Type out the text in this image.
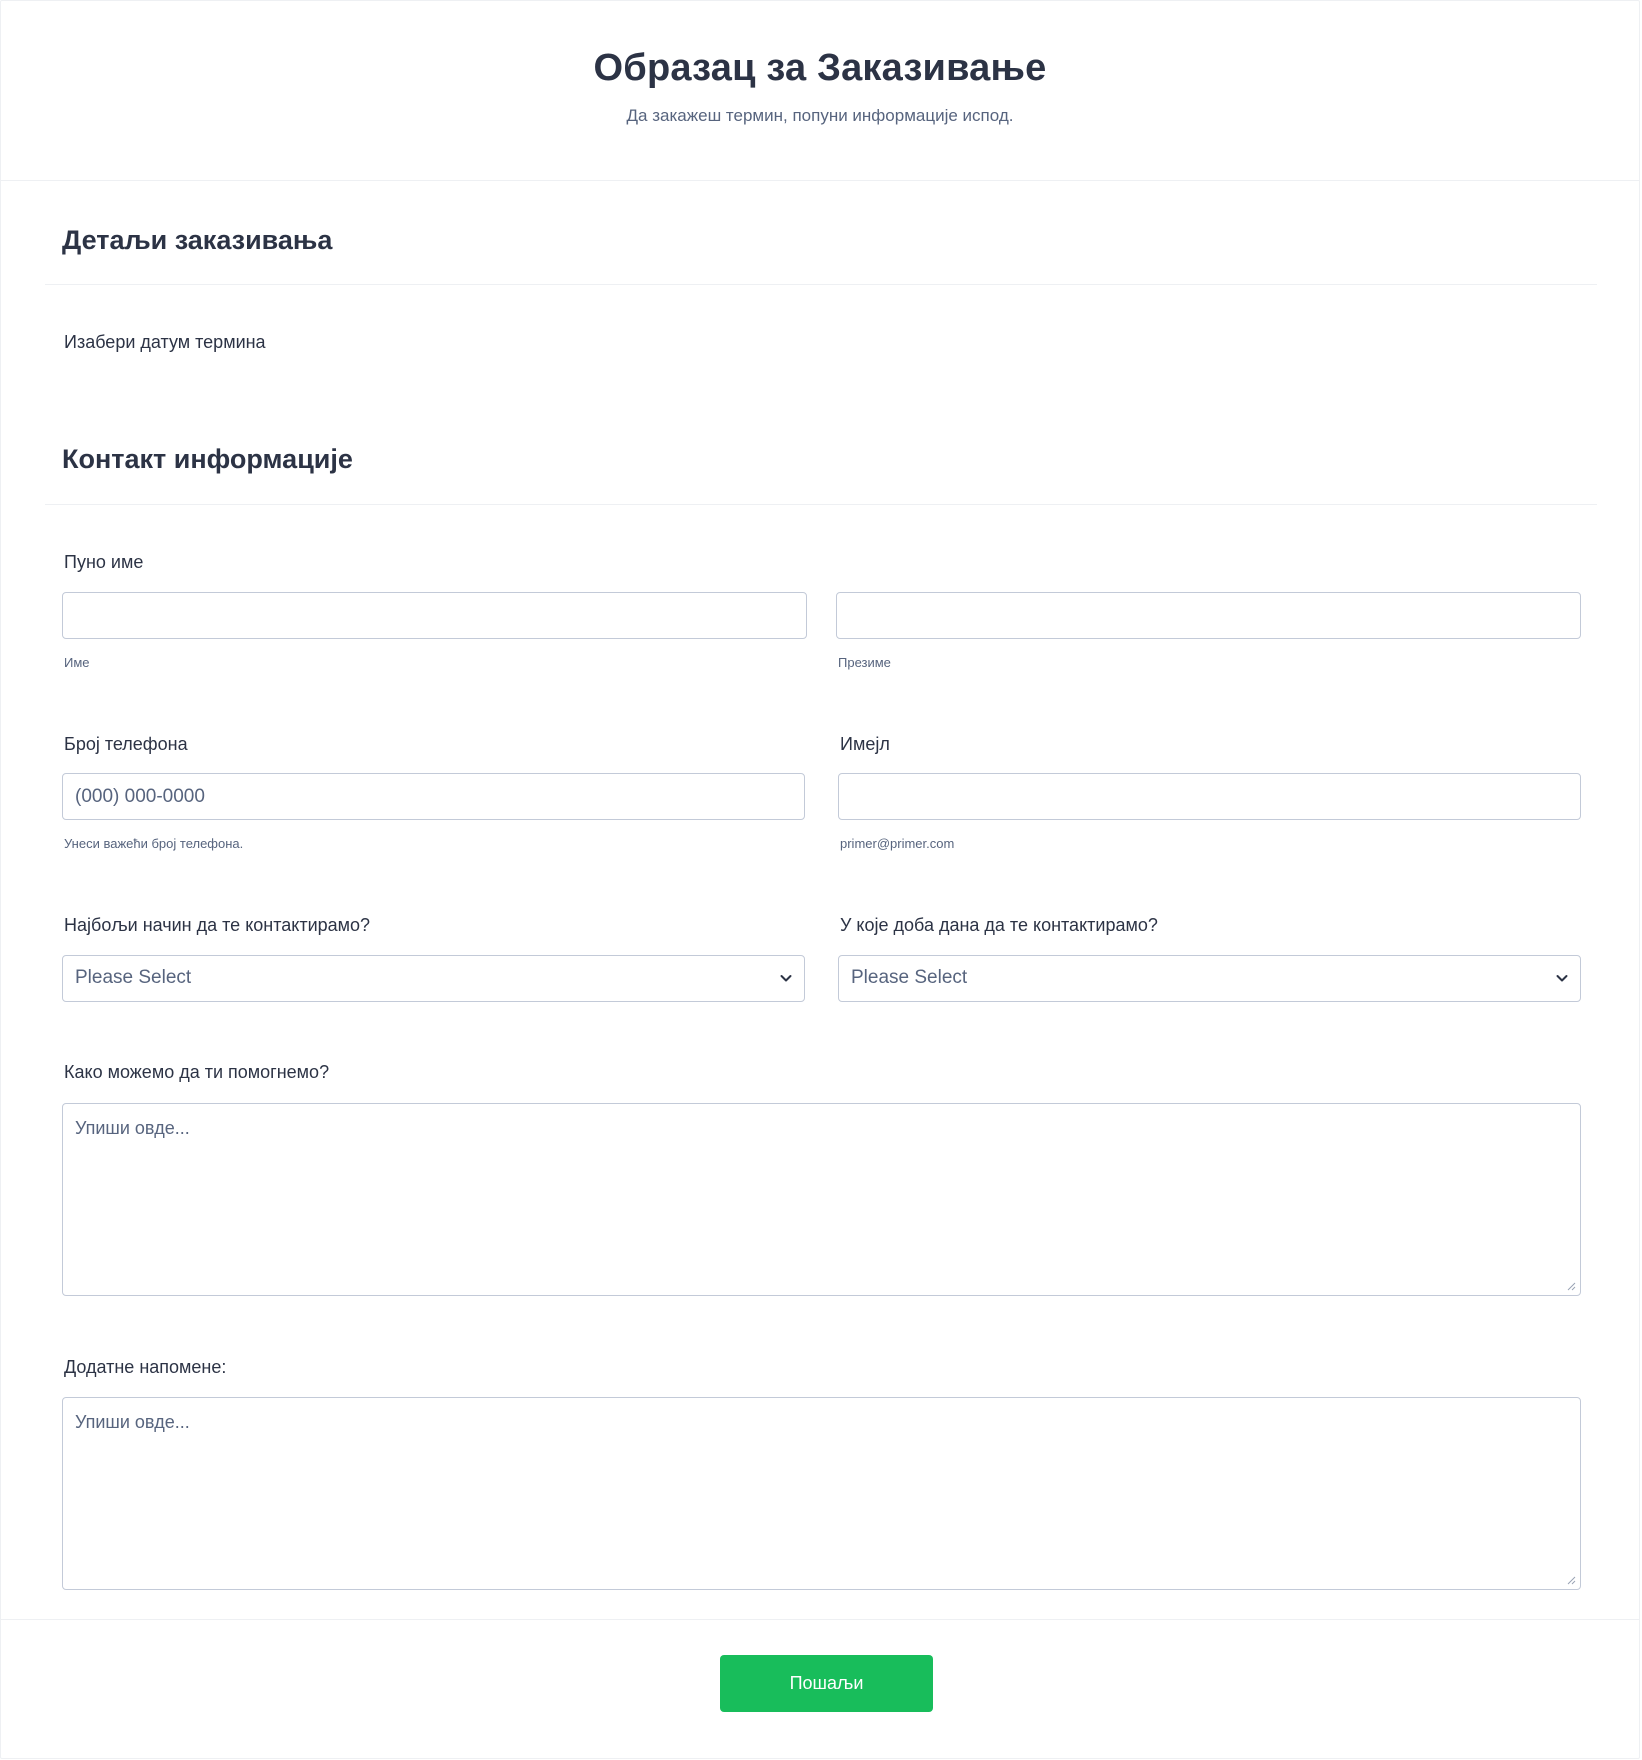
Образац за Заказивање

Да закажеш термин, попуни информације испод.

Детаљи заказивања
Изабери датум термина
Контакт информације
Пуно име
Име	Презиме
Број телефона
(000) 000-0000
Унеси важећи број телефона.
Имејл
primer@primer.com
Најбољи начин да те контактирамо?
Please Select
У које доба дана да те контактирамо?
Please Select
Како можемо да ти помогнемо?
Упиши овде...
Додатне напомене:
Упиши овде...
Пошаљи
